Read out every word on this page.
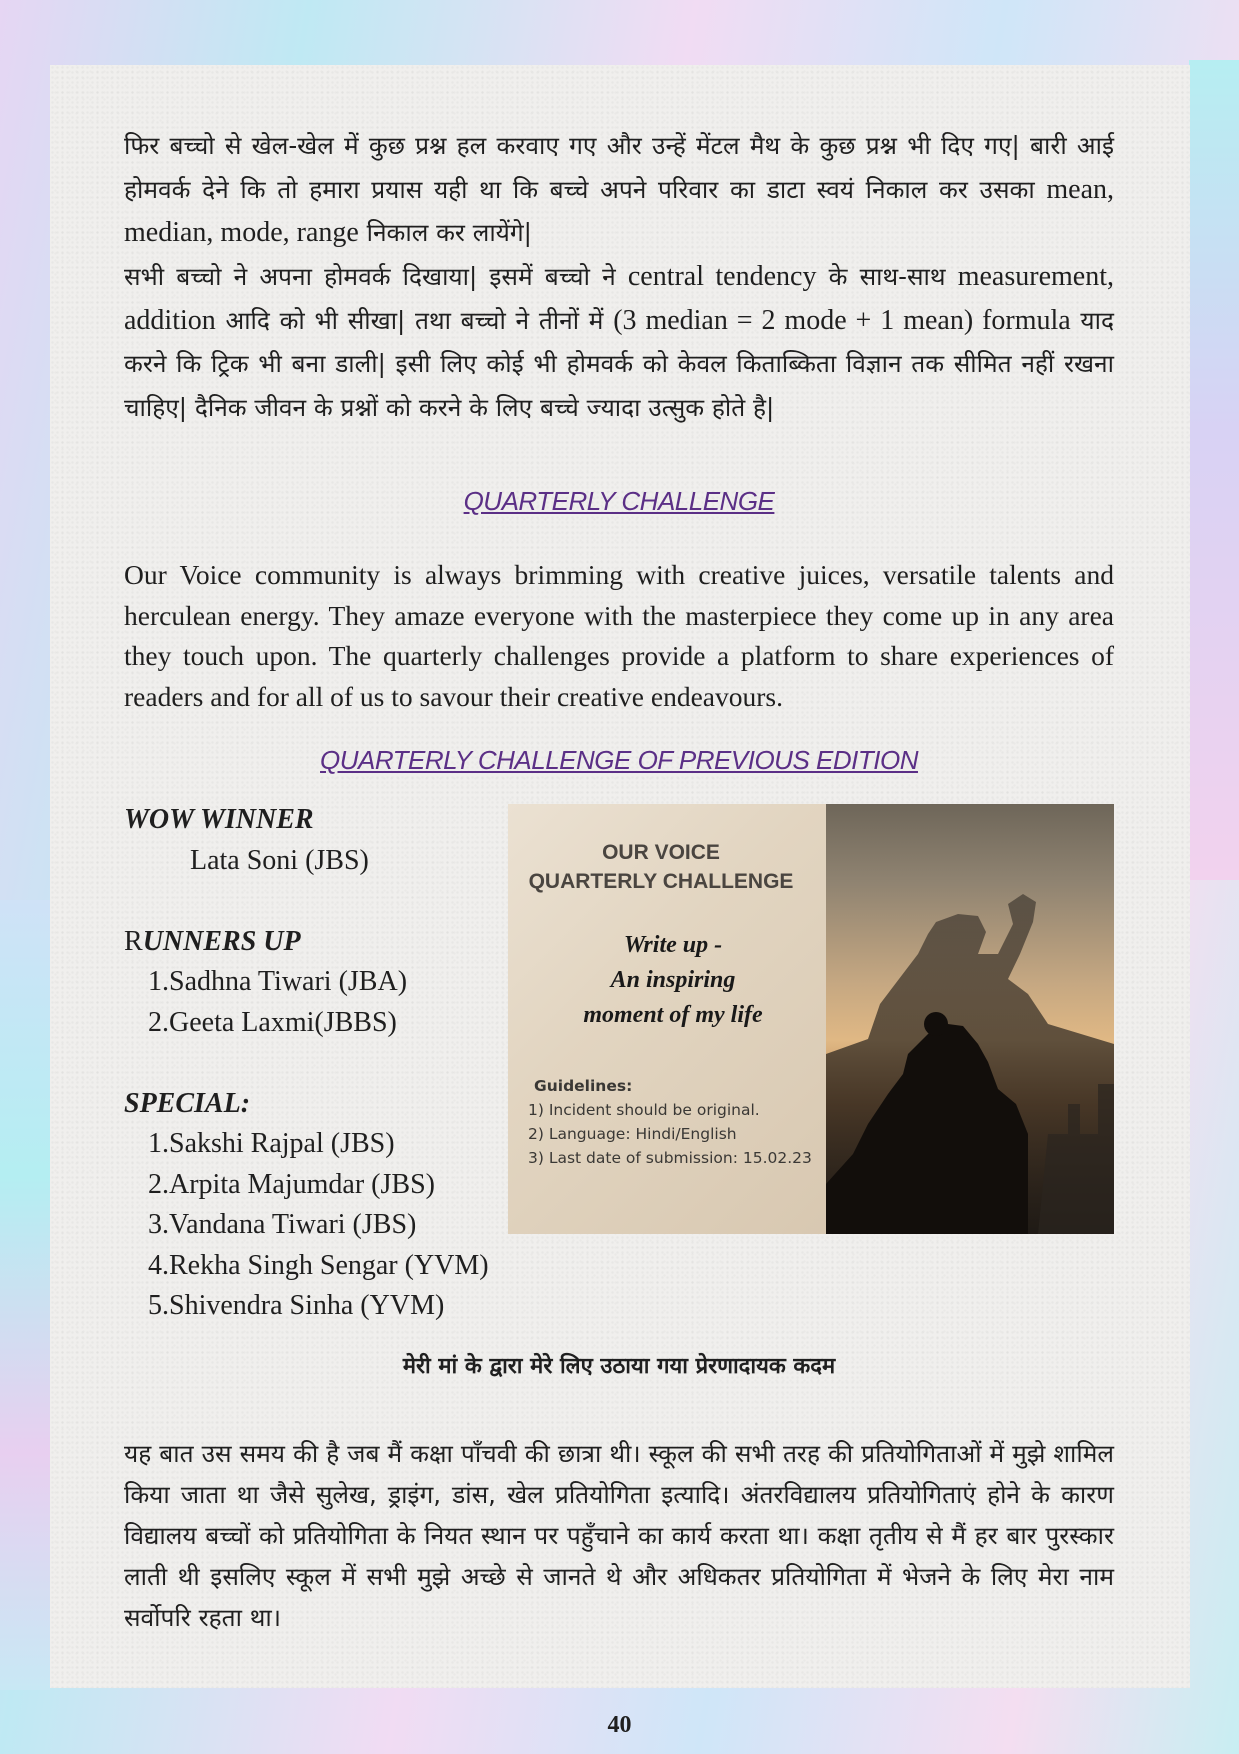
फिर बच्चो से खेल-खेल में कुछ प्रश्न हल करवाए गए और उन्हें मेंटल मैथ के कुछ प्रश्न भी दिए गए| बारी आई होमवर्क देने कि तो हमारा प्रयास यही था कि बच्चे अपने परिवार का डाटा स्वयं निकाल कर उसका mean, median, mode, range निकाल कर लायेंगे|

सभी बच्चो ने अपना होमवर्क दिखाया| इसमें बच्चो ने central tendency के साथ-साथ measurement, addition आदि को भी सीखा| तथा बच्चो ने तीनों में (3 median = 2 mode + 1 mean) formula याद करने कि ट्रिक भी बना डाली| इसी लिए कोई भी होमवर्क को केवल किताब्किता विज्ञान तक सीमित नहीं रखना चाहिए| दैनिक जीवन के प्रश्नों को करने के लिए बच्चे ज्यादा उत्सुक होते है|

QUARTERLY CHALLENGE

Our Voice community is always brimming with creative juices, versatile talents and herculean energy. They amaze everyone with the masterpiece they come up in any area they touch upon. The quarterly challenges provide a platform to share experiences of readers and for all of us to savour their creative endeavours.

QUARTERLY CHALLENGE OF PREVIOUS EDITION

WOW WINNER
Lata Soni (JBS)
RUNNERS UP
1.Sadhna Tiwari (JBA)
2.Geeta Laxmi(JBBS)
SPECIAL:
1.Sakshi Rajpal (JBS)
2.Arpita Majumdar (JBS)
3.Vandana Tiwari (JBS)
4.Rekha Singh Sengar (YVM)
5.Shivendra Sinha (YVM)
OUR VOICE
QUARTERLY CHALLENGE
Write up -
An inspiring
moment of my life
Guidelines:
1) Incident should be original.
2) Language: Hindi/English
3) Last date of submission: 15.02.23

मेरी मां के द्वारा मेरे लिए उठाया गया प्रेरणादायक कदम

यह बात उस समय की है जब मैं कक्षा पाँचवी की छात्रा थी। स्कूल की सभी तरह की प्रतियोगिताओं में मुझे शामिल किया जाता था जैसे सुलेख, ड्राइंग, डांस, खेल प्रतियोगिता इत्यादि। अंतरविद्यालय प्रतियोगिताएं होने के कारण विद्यालय बच्चों को प्रतियोगिता के नियत स्थान पर पहुँचाने का कार्य करता था। कक्षा तृतीय से मैं हर बार पुरस्कार लाती थी इसलिए स्कूल में सभी मुझे अच्छे से जानते थे और अधिकतर प्रतियोगिता में भेजने के लिए मेरा नाम सर्वोपरि रहता था।

40
